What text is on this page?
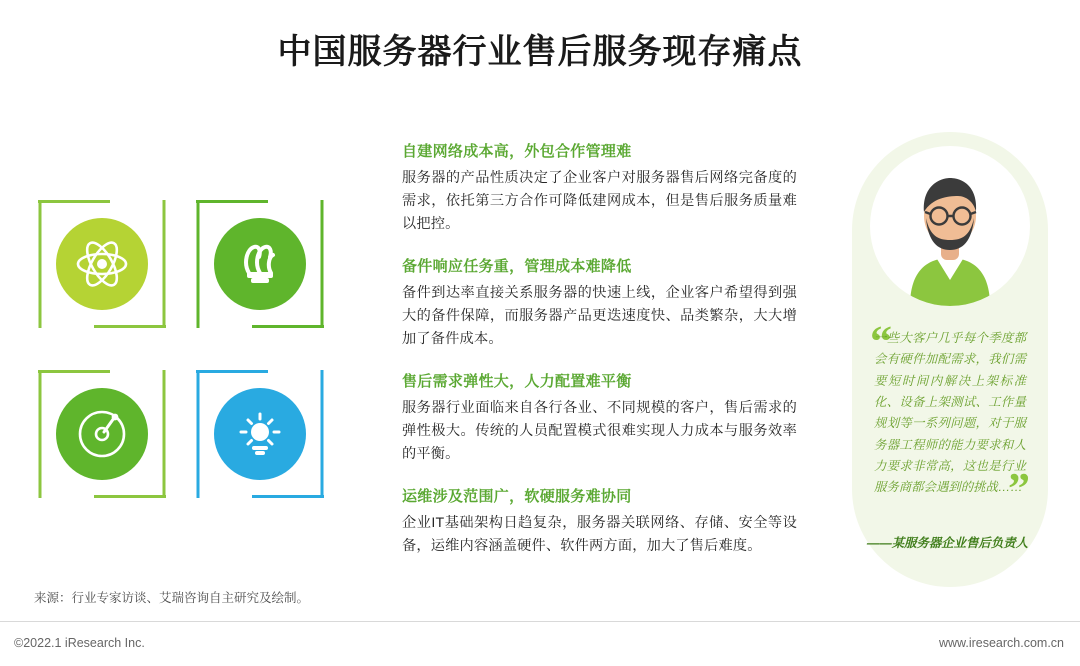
中国服务器行业售后服务现存痛点
自建网络成本高，外包合作管理难

服务器的产品性质决定了企业客户对服务器售后网络完备度的需求，依托第三方合作可降低建网成本，但是售后服务质量难以把控。

备件响应任务重，管理成本难降低

备件到达率直接关系服务器的快速上线，企业客户希望得到强大的备件保障，而服务器产品更迭速度快、品类繁杂，大大增加了备件成本。

售后需求弹性大，人力配置难平衡

服务器行业面临来自各行各业、不同规模的客户，售后需求的弹性极大。传统的人员配置模式很难实现人力成本与服务效率的平衡。

运维涉及范围广，软硬服务难协同

企业IT基础架构日趋复杂，服务器关联网络、存储、安全等设备，运维内容涵盖硬件、软件两方面，加大了售后难度。

“
一些大客户几乎每个季度都会有硬件加配需求，我们需要短时间内解决上架标准化、设备上架测试、工作量规划等一系列问题，对于服务器工程师的能力要求和人力要求非常高，这也是行业服务商都会遇到的挑战……
”
——某服务器企业售后负责人
来源：行业专家访谈、艾瑞咨询自主研究及绘制。
©2022.1 iResearch Inc.	www.iresearch.com.cn
